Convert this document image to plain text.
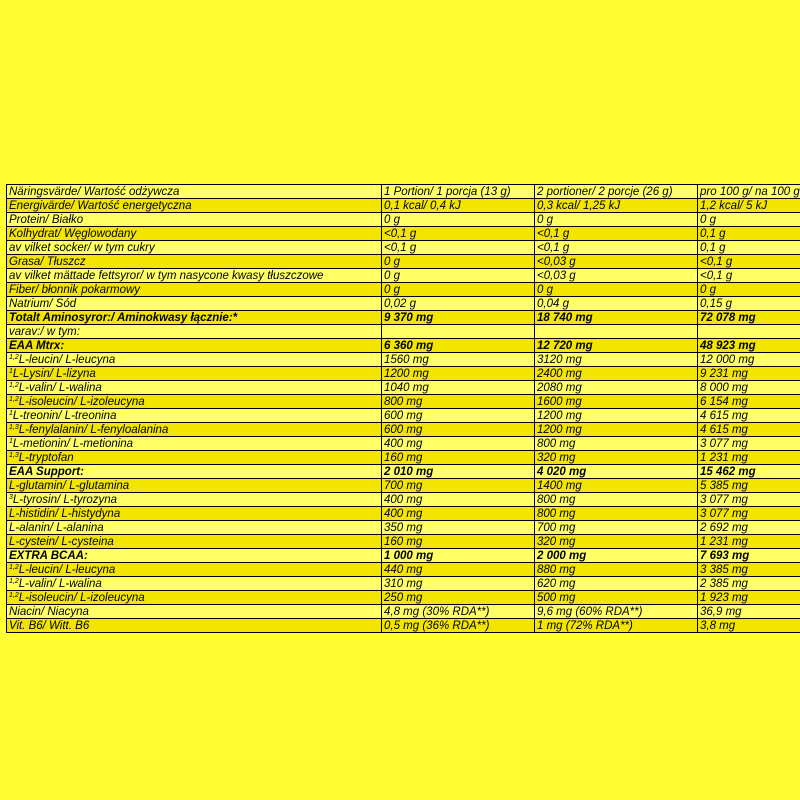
Näringsvärde/ Wartość odżywcza	1 Portion/ 1 porcja (13 g)	2 portioner/ 2 porcje (26 g)	pro 100 g/ na 100 g
Energivärde/ Wartość energetyczna	0,1 kcal/ 0,4 kJ	0,3 kcal/ 1,25 kJ	1,2 kcal/ 5 kJ
Protein/ Białko	0 g	0 g	0 g
Kolhydrat/ Węglowodany	<0,1 g	<0,1 g	0,1 g
av vilket socker/ w tym cukry	<0,1 g	<0,1 g	0,1 g
Grasa/ Tłuszcz	0 g	<0,03 g	<0,1 g
av vilket mättade fettsyror/ w tym nasycone kwasy tłuszczowe	0 g	<0,03 g	<0,1 g
Fiber/ błonnik pokarmowy	0 g	0 g	0 g
Natrium/ Sód	0,02 g	0,04 g	0,15 g
Totalt Aminosyror:/ Aminokwasy łącznie:*	9 370 mg	18 740 mg	72 078 mg
varav:/ w tym:			
EAA Mtrx:	6 360 mg	12 720 mg	48 923 mg
$^{1,2}$L-leucin/ L-leucyna	1560 mg	3120 mg	12 000 mg
$^1$L-Lysin/ L-lizyna	1200 mg	2400 mg	9 231 mg
$^{1,2}$L-valin/ L-walina	1040 mg	2080 mg	8 000 mg
$^{1,2}$L-isoleucin/ L-izoleucyna	800 mg	1600 mg	6 154 mg
$^1$L-treonin/ L-treonina	600 mg	1200 mg	4 615 mg
$^{1,3}$L-fenylalanin/ L-fenyloalanina	600 mg	1200 mg	4 615 mg
$^1$L-metionin/ L-metionina	400 mg	800 mg	3 077 mg
$^{1,3}$L-tryptofan	160 mg	320 mg	1 231 mg
EAA Support:	2 010 mg	4 020 mg	15 462 mg
L-glutamin/ L-glutamina	700 mg	1400 mg	5 385 mg
$^3$L-tyrosin/ L-tyrozyna	400 mg	800 mg	3 077 mg
L-histidin/ L-histydyna	400 mg	800 mg	3 077 mg
L-alanin/ L-alanina	350 mg	700 mg	2 692 mg
L-cystein/ L-cysteina	160 mg	320 mg	1 231 mg
EXTRA BCAA:	1 000 mg	2 000 mg	7 693 mg
$^{1,2}$L-leucin/ L-leucyna	440 mg	880 mg	3 385 mg
$^{1,2}$L-valin/ L-walina	310 mg	620 mg	2 385 mg
$^{1,2}$L-isoleucin/ L-izoleucyna	250 mg	500 mg	1 923 mg
Niacin/ Niacyna	4,8 mg (30% RDA**)	9,6 mg (60% RDA**)	36,9 mg
Vit. B6/ Witt. B6	0,5 mg (36% RDA**)	1 mg (72% RDA**)	3,8 mg
